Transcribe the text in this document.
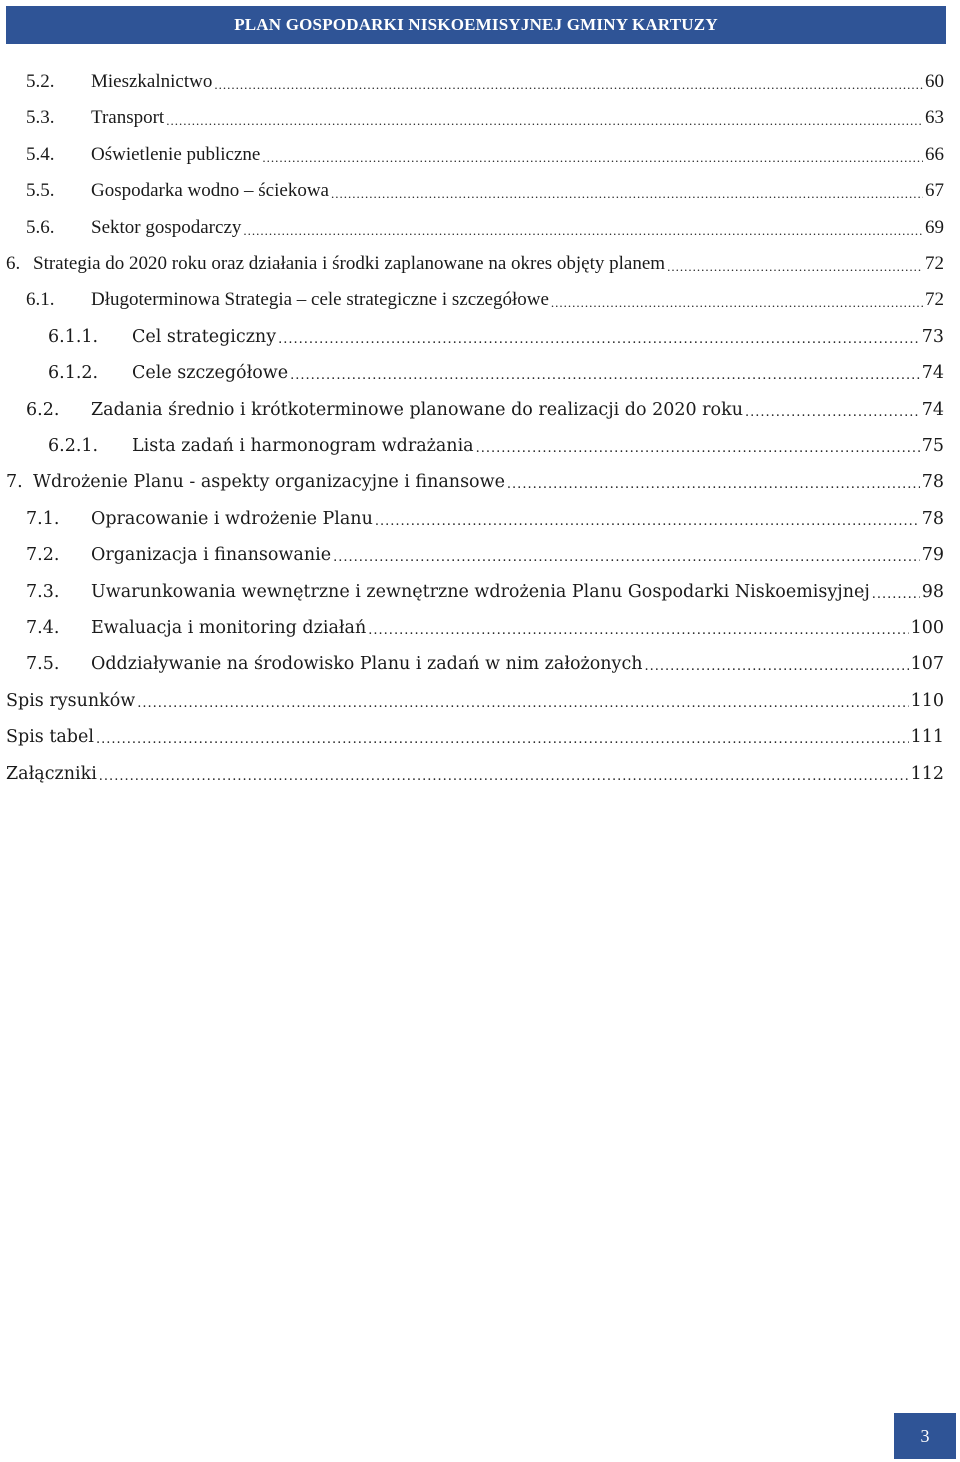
PLAN GOSPODARKI NISKOEMISYJNEJ GMINY KARTUZY
5.2. Mieszkalnictwo .....	60
5.3. Transport .....	63
5.4. Oświetlenie publiczne .....	66
5.5. Gospodarka wodno – ściekowa .....	67
5.6. Sektor gospodarczy .....	69
6. Strategia do 2020 roku oraz działania i środki zaplanowane na okres objęty planem .....	72
6.1. Długoterminowa Strategia – cele strategiczne i szczegółowe .....	72
6.1.1. Cel strategiczny .....	73
6.1.2. Cele szczegółowe .....	74
6.2. Zadania średnio i krótkoterminowe planowane do realizacji do 2020 roku .....	74
6.2.1. Lista zadań i harmonogram wdrażania .....	75
7. Wdrożenie Planu - aspekty organizacyjne i finansowe .....	78
7.1. Opracowanie i wdrożenie Planu .....	78
7.2. Organizacja i finansowanie .....	79
7.3. Uwarunkowania wewnętrzne i zewnętrzne wdrożenia Planu Gospodarki Niskoemisyjnej .....	98
7.4. Ewaluacja i monitoring działań .....	100
7.5. Oddziaływanie na środowisko Planu i zadań w nim założonych .....	107
Spis rysunków .....	110
Spis tabel .....	111
Załączniki .....	112
3
